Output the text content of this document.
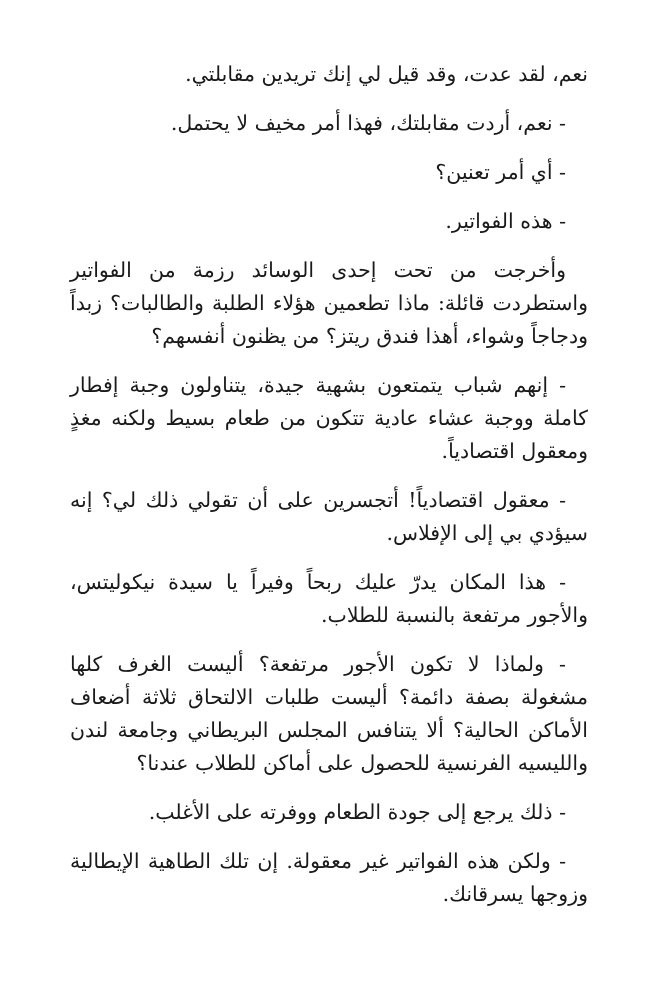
نعم، لقد عدت، وقد قيل لي إنك تريدين مقابلتي.

- نعم، أردت مقابلتك، فهذا أمر مخيف لا يحتمل.

- أي أمر تعنين؟

- هذه الفواتير.

وأخرجت من تحت إحدى الوسائد رزمة من الفواتير واستطردت قائلة: ماذا تطعمين هؤلاء الطلبة والطالبات؟ زبداً ودجاجاً وشواء، أهذا فندق ريتز؟ من يظنون أنفسهم؟

- إنهم شباب يتمتعون بشهية جيدة، يتناولون وجبة إفطار كاملة ووجبة عشاء عادية تتكون من طعام بسيط ولكنه مغذٍ ومعقول اقتصادياً.

- معقول اقتصادياً! أتجسرين على أن تقولي ذلك لي؟ إنه سيؤدي بي إلى الإفلاس.

- هذا المكان يدرّ عليك ربحاً وفيراً يا سيدة نيكوليتس، والأجور مرتفعة بالنسبة للطلاب.

- ولماذا لا تكون الأجور مرتفعة؟ أليست الغرف كلها مشغولة بصفة دائمة؟ أليست طلبات الالتحاق ثلاثة أضعاف الأماكن الحالية؟ ألا يتنافس المجلس البريطاني وجامعة لندن والليسيه الفرنسية للحصول على أماكن للطلاب عندنا؟

- ذلك يرجع إلى جودة الطعام ووفرته على الأغلب.

- ولكن هذه الفواتير غير معقولة. إن تلك الطاهية الإيطالية وزوجها يسرقانك.
